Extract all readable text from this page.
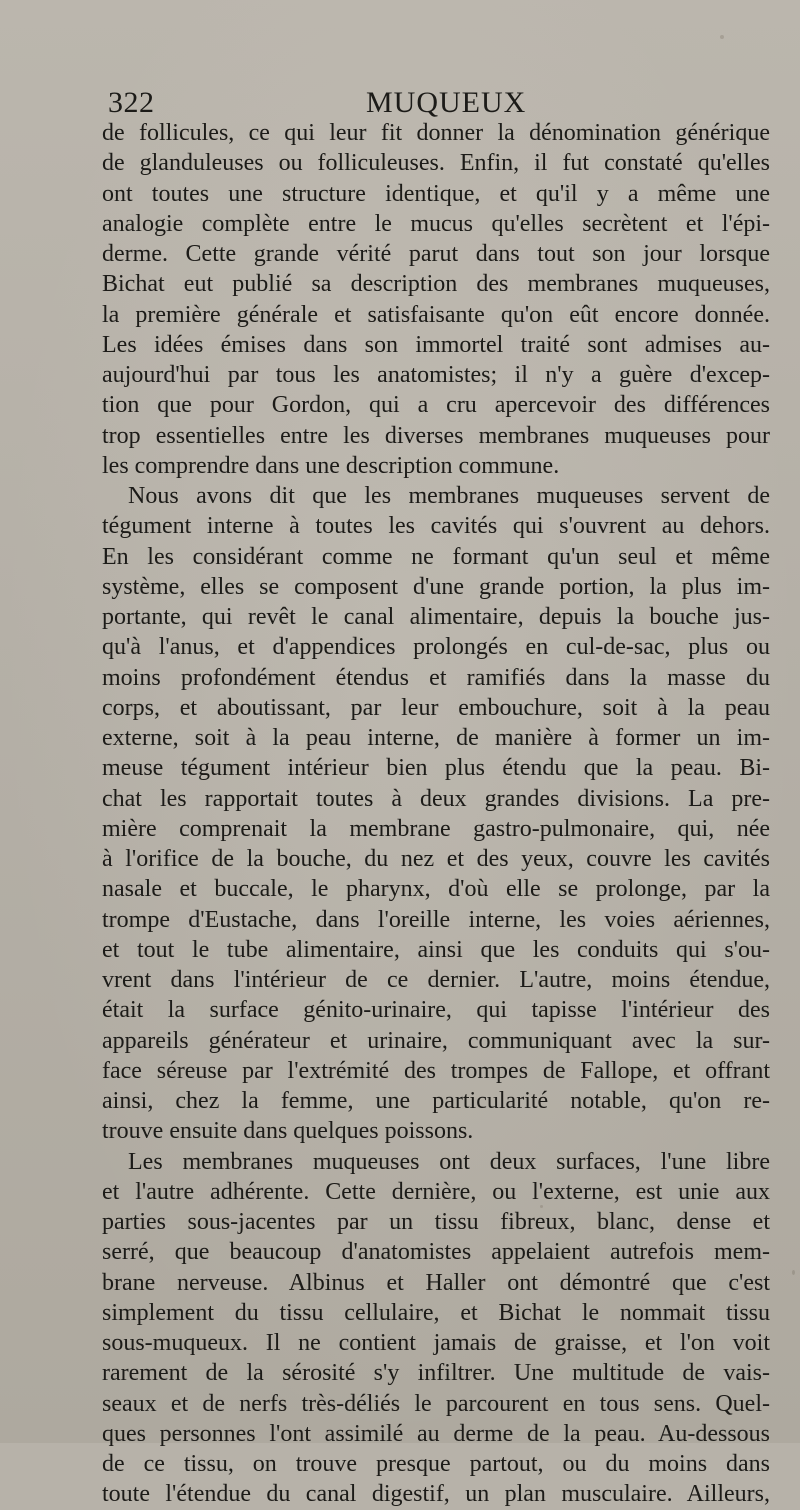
322	MUQUEUX
de follicules, ce qui leur fit donner la dénomination générique
de glanduleuses ou folliculeuses. Enfin, il fut constaté qu'elles
ont toutes une structure identique, et qu'il y a même une
analogie complète entre le mucus qu'elles secrètent et l'épi-
derme. Cette grande vérité parut dans tout son jour lorsque
Bichat eut publié sa description des membranes muqueuses,
la première générale et satisfaisante qu'on eût encore donnée.
Les idées émises dans son immortel traité sont admises au-
aujourd'hui par tous les anatomistes; il n'y a guère d'excep-
tion que pour Gordon, qui a cru apercevoir des différences
trop essentielles entre les diverses membranes muqueuses pour
les comprendre dans une description commune.
Nous avons dit que les membranes muqueuses servent de
tégument interne à toutes les cavités qui s'ouvrent au dehors.
En les considérant comme ne formant qu'un seul et même
système, elles se composent d'une grande portion, la plus im-
portante, qui revêt le canal alimentaire, depuis la bouche jus-
qu'à l'anus, et d'appendices prolongés en cul-de-sac, plus ou
moins profondément étendus et ramifiés dans la masse du
corps, et aboutissant, par leur embouchure, soit à la peau
externe, soit à la peau interne, de manière à former un im-
meuse tégument intérieur bien plus étendu que la peau. Bi-
chat les rapportait toutes à deux grandes divisions. La pre-
mière comprenait la membrane gastro-pulmonaire, qui, née
à l'orifice de la bouche, du nez et des yeux, couvre les cavités
nasale et buccale, le pharynx, d'où elle se prolonge, par la
trompe d'Eustache, dans l'oreille interne, les voies aériennes,
et tout le tube alimentaire, ainsi que les conduits qui s'ou-
vrent dans l'intérieur de ce dernier. L'autre, moins étendue,
était la surface génito-urinaire, qui tapisse l'intérieur des
appareils générateur et urinaire, communiquant avec la sur-
face séreuse par l'extrémité des trompes de Fallope, et offrant
ainsi, chez la femme, une particularité notable, qu'on re-
trouve ensuite dans quelques poissons.
Les membranes muqueuses ont deux surfaces, l'une libre
et l'autre adhérente. Cette dernière, ou l'externe, est unie aux
parties sous-jacentes par un tissu fibreux, blanc, dense et
serré, que beaucoup d'anatomistes appelaient autrefois mem-
brane nerveuse. Albinus et Haller ont démontré que c'est
simplement du tissu cellulaire, et Bichat le nommait tissu
sous-muqueux. Il ne contient jamais de graisse, et l'on voit
rarement de la sérosité s'y infiltrer. Une multitude de vais-
seaux et de nerfs très-déliés le parcourent en tous sens. Quel-
ques personnes l'ont assimilé au derme de la peau. Au-dessous
de ce tissu, on trouve presque partout, ou du moins dans
toute l'étendue du canal digestif, un plan musculaire. Ailleurs,
